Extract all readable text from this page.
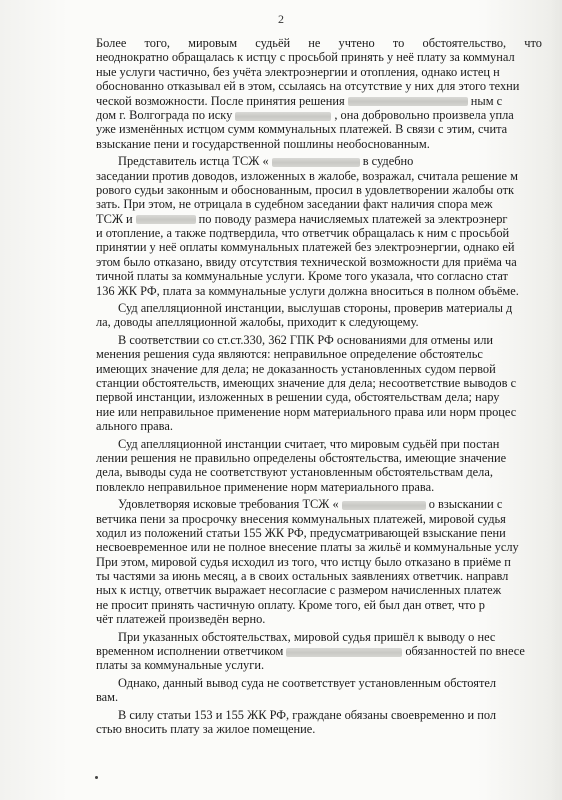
2
Более того, мировым судьёй не учтено то обстоятельство, что
неоднократно обращалась к истцу с просьбой принять у неё плату за коммунал
ные услуги частично, без учёта электроэнергии и отопления, однако истец н
обоснованно отказывал ей в этом, ссылаясь на отсутствие у них для этого техни
ческой возможности. После принятия решения	ным с
дом г. Волгограда по иску	, она добровольно произвела упла
уже изменённых истцом сумм коммунальных платежей. В связи с этим, счита
взыскание пени и государственной пошлины необоснованным.
Представитель истца ТСЖ «	в судебно
заседании против доводов, изложенных в жалобе, возражал, считала решение м
рового судьи законным и обоснованным, просил в удовлетворении жалобы отк
зать. При этом, не отрицала в судебном заседании факт наличия спора меж
ТСЖ и	по поводу размера начисляемых платежей за электроэнерг
и отопление, а также подтвердила, что ответчик обращалась к ним с просьбой
принятии у неё оплаты коммунальных платежей без электроэнергии, однако ей
этом было отказано, ввиду отсутствия технической возможности для приёма ча
тичной платы за коммунальные услуги. Кроме того указала, что согласно стат
136 ЖК РФ, плата за коммунальные услуги должна вноситься в полном объёме.
Суд апелляционной инстанции, выслушав стороны, проверив материалы д
ла, доводы апелляционной жалобы, приходит к следующему.
В соответствии со ст.ст.330, 362 ГПК РФ основаниями для отмены или
менения решения суда являются: неправильное определение обстоятельс
имеющих значение для дела; не доказанность установленных судом первой
станции обстоятельств, имеющих значение для дела; несоответствие выводов с
первой инстанции, изложенных в решении суда, обстоятельствам дела; нару
ние или неправильное применение норм материального права или норм процес
ального права.
Суд апелляционной инстанции считает, что мировым судьёй при постан
лении решения не правильно определены обстоятельства, имеющие значение
дела, выводы суда не соответствуют установленным обстоятельствам дела,
повлекло неправильное применение норм материального права.
Удовлетворяя исковые требования ТСЖ «	о взыскании с
ветчика пени за просрочку внесения коммунальных платежей, мировой судья
ходил из положений статьи 155 ЖК РФ, предусматривающей взыскание пени
несвоевременное или не полное внесение платы за жильё и коммунальные услу
При этом, мировой судья исходил из того, что истцу было отказано в приёме п
ты частями за июнь месяц, а в своих остальных заявлениях ответчик. направл
ных к истцу, ответчик выражает несогласие с размером начисленных платеж
не просит принять частичную оплату. Кроме того, ей был дан ответ, что р
чёт платежей произведён верно.
При указанных обстоятельствах, мировой судья пришёл к выводу о нес
временном исполнении ответчиком	обязанностей по внесе
платы за коммунальные услуги.
Однако, данный вывод суда не соответствует установленным обстоятел
вам.
В силу статьи 153 и 155 ЖК РФ, граждане обязаны своевременно и пол
стью вносить плату за жилое помещение.
